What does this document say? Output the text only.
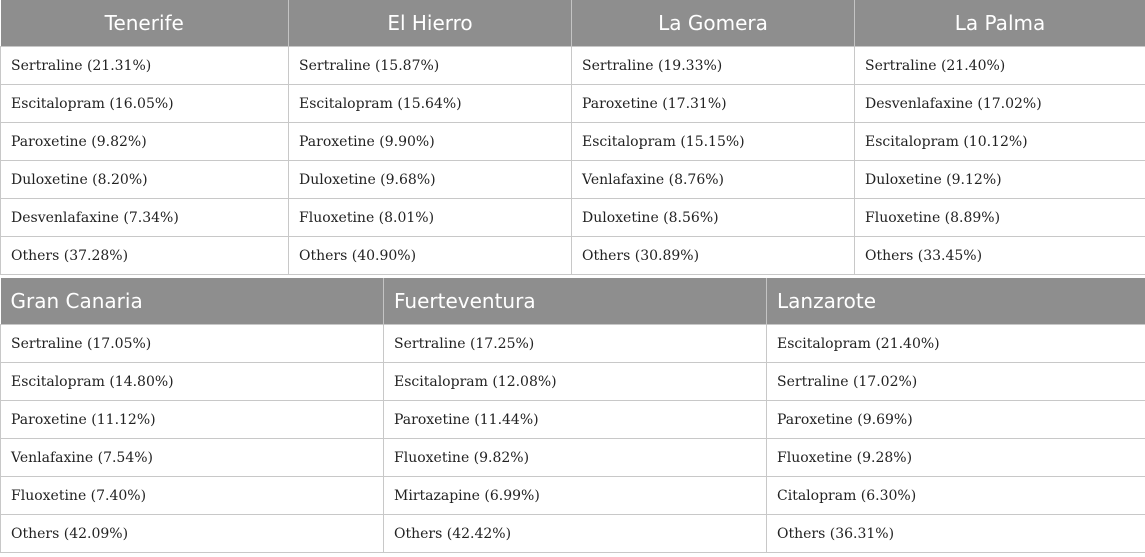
Tenerife	El Hierro	La Gomera	La Palma
Sertraline (21.31%)	Sertraline (15.87%)	Sertraline (19.33%)	Sertraline (21.40%)
Escitalopram (16.05%)	Escitalopram (15.64%)	Paroxetine (17.31%)	Desvenlafaxine (17.02%)
Paroxetine (9.82%)	Paroxetine (9.90%)	Escitalopram (15.15%)	Escitalopram (10.12%)
Duloxetine (8.20%)	Duloxetine (9.68%)	Venlafaxine (8.76%)	Duloxetine (9.12%)
Desvenlafaxine (7.34%)	Fluoxetine (8.01%)	Duloxetine (8.56%)	Fluoxetine (8.89%)
Others (37.28%)	Others (40.90%)	Others (30.89%)	Others (33.45%)
Gran Canaria	Fuerteventura	Lanzarote
Sertraline (17.05%)	Sertraline (17.25%)	Escitalopram (21.40%)
Escitalopram (14.80%)	Escitalopram (12.08%)	Sertraline (17.02%)
Paroxetine (11.12%)	Paroxetine (11.44%)	Paroxetine (9.69%)
Venlafaxine (7.54%)	Fluoxetine (9.82%)	Fluoxetine (9.28%)
Fluoxetine (7.40%)	Mirtazapine (6.99%)	Citalopram (6.30%)
Others (42.09%)	Others (42.42%)	Others (36.31%)
